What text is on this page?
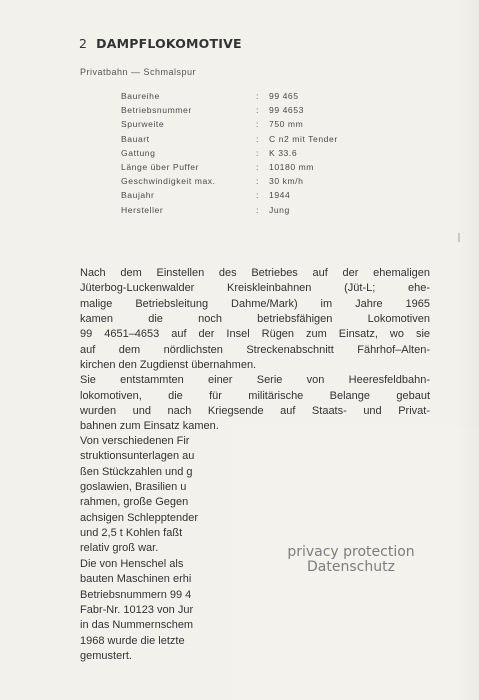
2 DAMPFLOKOMOTIVE
Privatbahn — Schmalspur
Baureihe	: 99 465
Betriebsnummer	: 99 4653
Spurweite	: 750 mm
Bauart	: C n2 mit Tender
Gattung	: K 33.6
Länge über Puffer	: 10180 mm
Geschwindigkeit max.	: 30 km/h
Baujahr	: 1944
Hersteller	: Jung
Nach dem Einstellen des Betriebes auf der ehemaligen
Jüterbog-Luckenwalder Kreiskleinbahnen (Jüt-L; ehe-
malige Betriebsleitung Dahme/Mark) im Jahre 1965
kamen die noch betriebsfähigen Lokomotiven
99 4651–4653 auf der Insel Rügen zum Einsatz, wo sie
auf dem nördlichsten Streckenabschnitt Fährhof–Alten-
kirchen den Zugdienst übernahmen.
Sie entstammten einer Serie von Heeresfeldbahn-
lokomotiven, die für militärische Belange gebaut
wurden und nach Kriegsende auf Staats- und Privat-
bahnen zum Einsatz kamen.
Von verschiedenen Fir
struktionsunterlagen au
ßen Stückzahlen und g
goslawien, Brasilien u
rahmen, große Gegen
achsigen Schlepptender
und 2,5 t Kohlen faßt
relativ groß war.
Die von Henschel als
bauten Maschinen erhi
Betriebsnummern 99 4
Fabr-Nr. 10123 von Jur
in das Nummernschem
1968 wurde die letzte
gemustert.
privacy protection
Datenschutz
